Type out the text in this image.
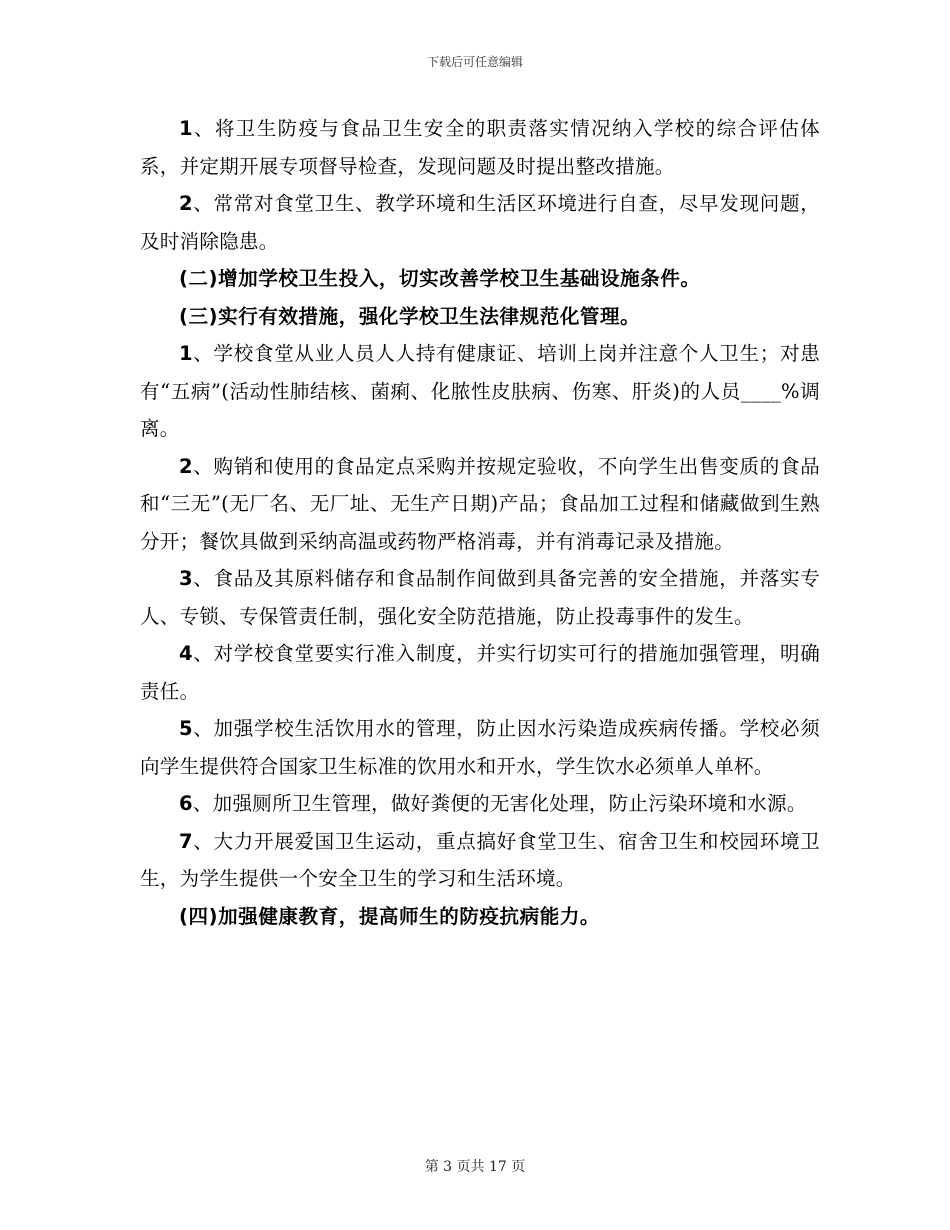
下载后可任意编辑

1、将卫生防疫与食品卫生安全的职责落实情况纳入学校的综合评估体系，并定期开展专项督导检查，发现问题及时提出整改措施。

2、常常对食堂卫生、教学环境和生活区环境进行自查，尽早发现问题，及时消除隐患。

(二)增加学校卫生投入，切实改善学校卫生基础设施条件。

(三)实行有效措施，强化学校卫生法律规范化管理。

1、学校食堂从业人员人人持有健康证、培训上岗并注意个人卫生；对患有“五病”(活动性肺结核、菌痢、化脓性皮肤病、伤寒、肝炎)的人员____%调离。

2、购销和使用的食品定点采购并按规定验收，不向学生出售变质的食品和“三无”(无厂名、无厂址、无生产日期)产品；食品加工过程和储藏做到生熟分开；餐饮具做到采纳高温或药物严格消毒，并有消毒记录及措施。

3、食品及其原料储存和食品制作间做到具备完善的安全措施，并落实专人、专锁、专保管责任制，强化安全防范措施，防止投毒事件的发生。

4、对学校食堂要实行准入制度，并实行切实可行的措施加强管理，明确责任。

5、加强学校生活饮用水的管理，防止因水污染造成疾病传播。学校必须向学生提供符合国家卫生标准的饮用水和开水，学生饮水必须单人单杯。

6、加强厕所卫生管理，做好粪便的无害化处理，防止污染环境和水源。

7、大力开展爱国卫生运动，重点搞好食堂卫生、宿舍卫生和校园环境卫生，为学生提供一个安全卫生的学习和生活环境。

(四)加强健康教育，提高师生的防疫抗病能力。

第 3 页共 17 页
